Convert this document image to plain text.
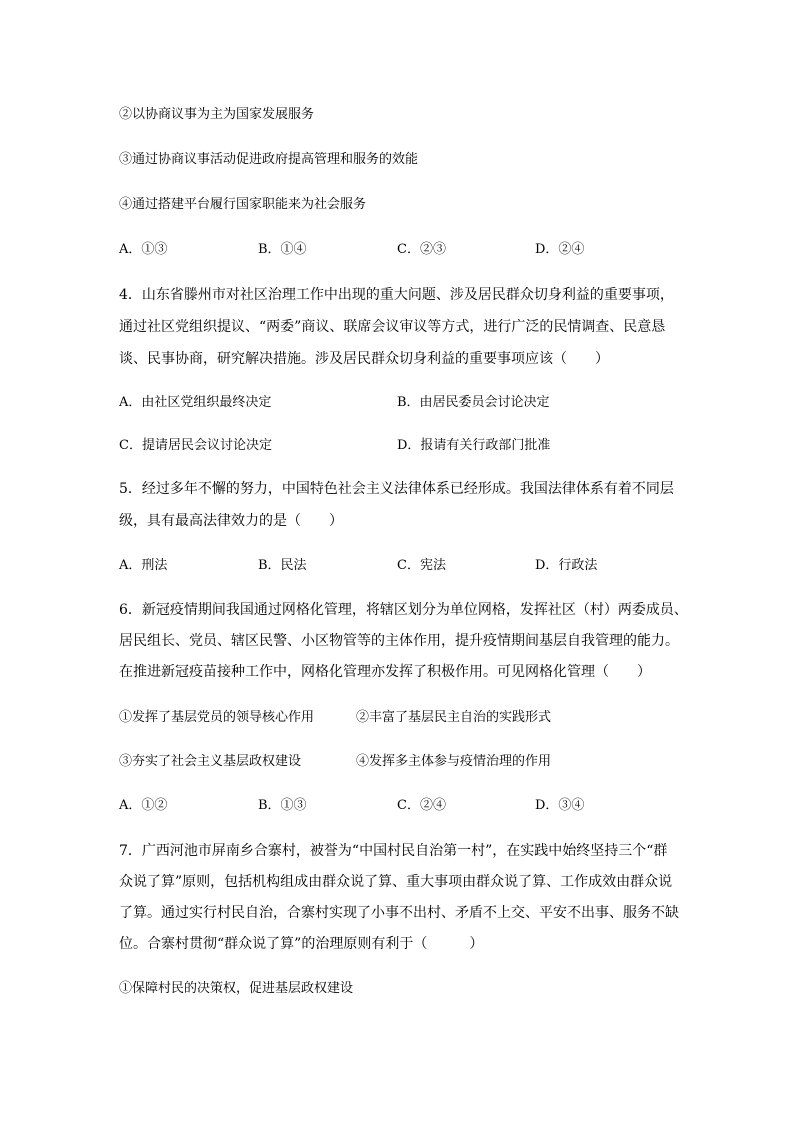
②以协商议事为主为国家发展服务
③通过协商议事活动促进政府提高管理和服务的效能
④通过搭建平台履行国家职能来为社会服务
A．①③	B．①④	C．②③	D．②④
4．山东省滕州市对社区治理工作中出现的重大问题、涉及居民群众切身利益的重要事项，
通过社区党组织提议、“两委”商议、联席会议审议等方式，进行广泛的民情调查、民意恳
谈、民事协商，研究解决措施。涉及居民群众切身利益的重要事项应该（　　）
A．由社区党组织最终决定	B．由居民委员会讨论决定
C．提请居民会议讨论决定	D．报请有关行政部门批准
5．经过多年不懈的努力，中国特色社会主义法律体系已经形成。我国法律体系有着不同层
级，具有最高法律效力的是（　　）
A．刑法	B．民法	C．宪法	D．行政法
6．新冠疫情期间我国通过网格化管理，将辖区划分为单位网格，发挥社区（村）两委成员、
居民组长、党员、辖区民警、小区物管等的主体作用，提升疫情期间基层自我管理的能力。
在推进新冠疫苗接种工作中，网格化管理亦发挥了积极作用。可见网格化管理（　　）
①发挥了基层党员的领导核心作用	②丰富了基层民主自治的实践形式
③夯实了社会主义基层政权建设	④发挥多主体参与疫情治理的作用
A．①②	B．①③	C．②④	D．③④
7．广西河池市屏南乡合寨村，被誉为“中国村民自治第一村”，在实践中始终坚持三个“群
众说了算”原则，包括机构组成由群众说了算、重大事项由群众说了算、工作成效由群众说
了算。通过实行村民自治，合寨村实现了小事不出村、矛盾不上交、平安不出事、服务不缺
位。合寨村贯彻“群众说了算”的治理原则有利于（　　　）
①保障村民的决策权，促进基层政权建设
